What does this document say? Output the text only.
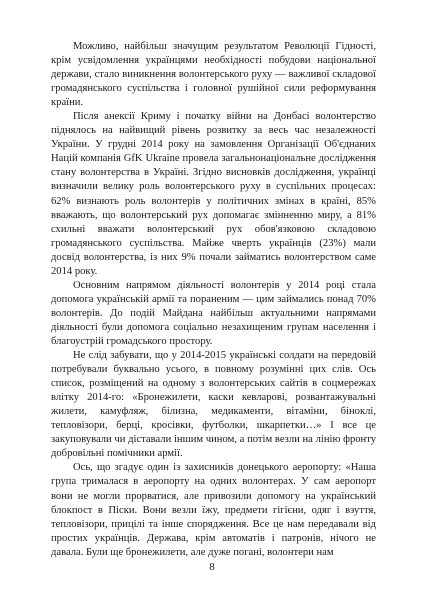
Можливо, найбільш значущим результатом Революції Гідності, крім усвідомлення українцями необхідності побудови національної держави, стало виникнення волонтерського руху — важливої складової громадянського суспільства і головної рушійної сили реформування країни.

Після анексії Криму і початку війни на Донбасі волонтерство піднялось на найвищий рівень розвитку за весь час незалежності України. У грудні 2014 року на замовлення Організації Об'єднаних Націй компанія GfK Ukraine провела загальнонаціональне дослідження стану волонтерства в Україні. Згідно висновків дослідження, українці визначили велику роль волонтерського руху в суспільних процесах: 62% визнають роль волонтерів у політичних змінах в країні, 85% вважають, що волонтерський рух допомагає змінненню миру, а 81% схильні вважати волонтерський рух обов'язковою складовою громадянського суспільства. Майже чверть українців (23%) мали досвід волонтерства, із них 9% почали займатись волонтерством саме 2014 року.

Основним напрямом діяльності волонтерів у 2014 році стала допомога українській армії та пораненим — цим займались понад 70% волонтерів. До подій Майдана найбільш актуальними напрямами діяльності були допомога соціально незахищеним групам населення і благоустрій громадського простору.

Не слід забувати, що у 2014-2015 українські солдати на передовій потребували буквально усього, в повному розумінні цих слів. Ось список, розміщений на одному з волонтерських сайтів в соцмережах влітку 2014-го: «Бронежилети, каски кевларові, розвантажувальні жилети, камуфляж, білизна, медикаменти, вітаміни, біноклі, тепловізори, берці, кросівки, футболки, шкарпетки…» І все це закуповували чи діставали іншим чином, а потім везли на лінію фронту добровільні помічники армії.

Ось, що згадує один із захисників донецького аеропорту: «Наша група трималася в аеропорту на одних волонтерах. У сам аеропорт вони не могли прорватися, але привозили допомогу на український блокпост в Піски. Вони везли їжу, предмети гігієни, одяг і взуття, тепловізори, прицілі та інше спорядження. Все це нам передавали від простих українців. Держава, крім автоматів і патронів, нічого не давала. Були ще бронежилети, але дуже погані, волонтери нам

8
